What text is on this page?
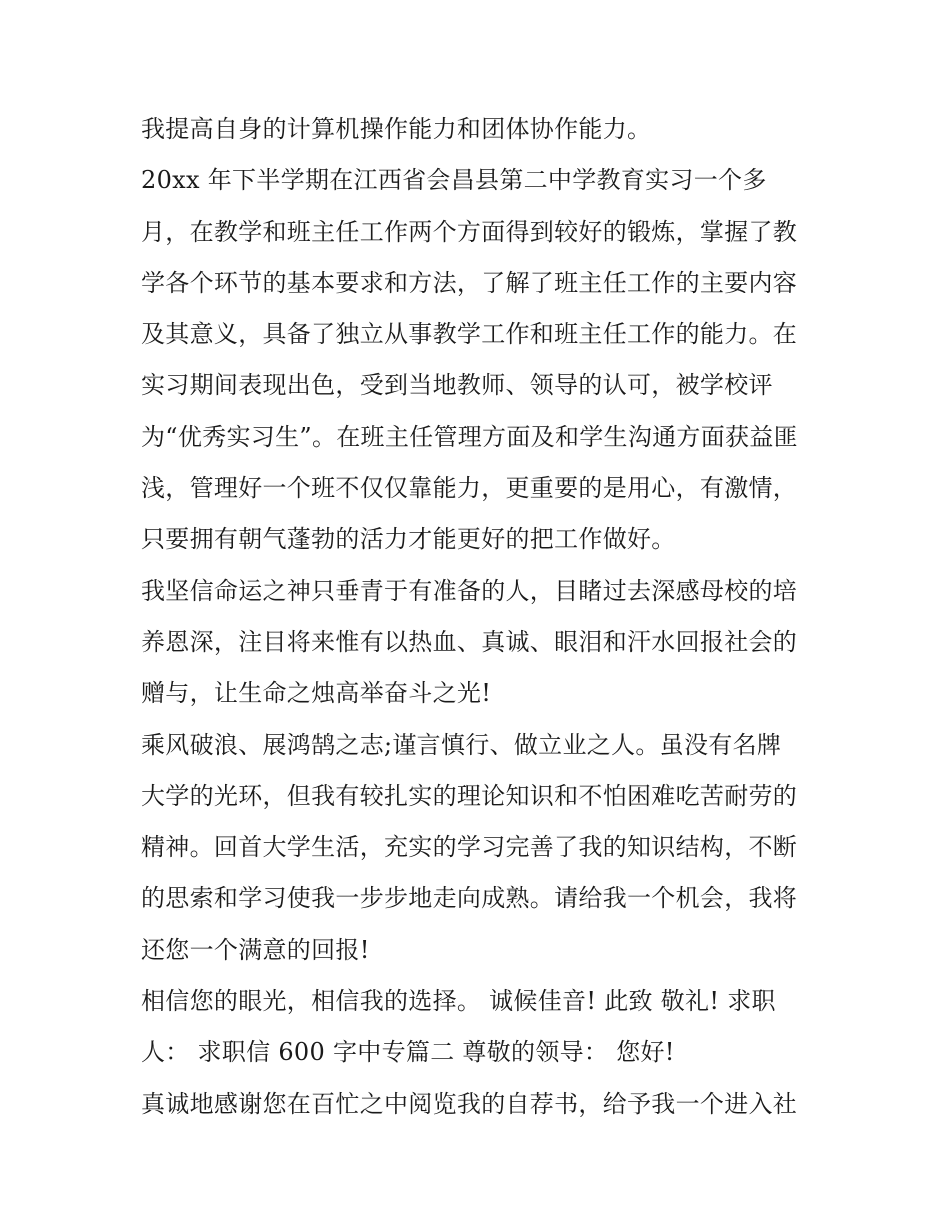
我提高自身的计算机操作能力和团体协作能力。
20xx 年下半学期在江西省会昌县第二中学教育实习一个多
月，在教学和班主任工作两个方面得到较好的锻炼，掌握了教
学各个环节的基本要求和方法，了解了班主任工作的主要内容
及其意义，具备了独立从事教学工作和班主任工作的能力。在
实习期间表现出色，受到当地教师、领导的认可，被学校评
为“优秀实习生”。在班主任管理方面及和学生沟通方面获益匪
浅，管理好一个班不仅仅靠能力，更重要的是用心，有激情，
只要拥有朝气蓬勃的活力才能更好的把工作做好。
我坚信命运之神只垂青于有准备的人，目睹过去深感母校的培
养恩深，注目将来惟有以热血、真诚、眼泪和汗水回报社会的
赠与，让生命之烛高举奋斗之光!
乘风破浪、展鸿鹄之志;谨言慎行、做立业之人。虽没有名牌
大学的光环，但我有较扎实的理论知识和不怕困难吃苦耐劳的
精神。回首大学生活，充实的学习完善了我的知识结构，不断
的思索和学习使我一步步地走向成熟。请给我一个机会，我将
还您一个满意的回报!
相信您的眼光，相信我的选择。 诚候佳音! 此致 敬礼! 求职
人： 求职信 600 字中专篇二 尊敬的领导： 您好!
真诚地感谢您在百忙之中阅览我的自荐书，给予我一个进入社
